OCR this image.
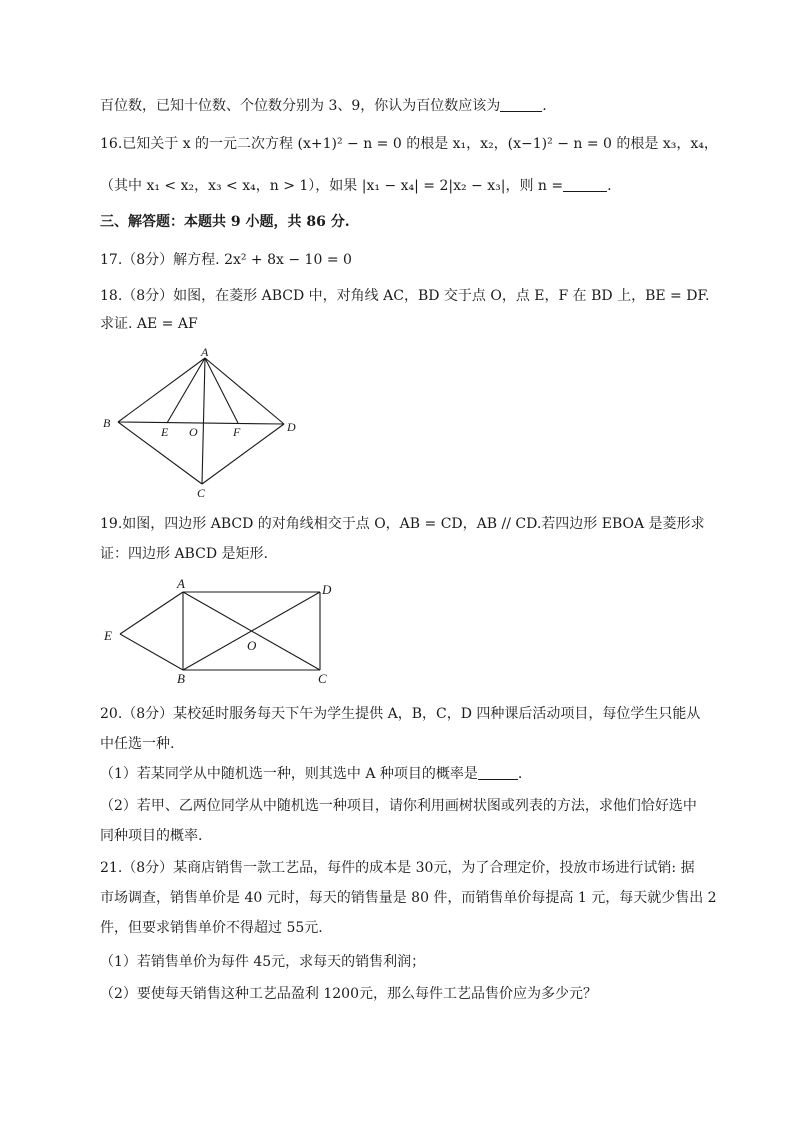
百位数，已知十位数、个位数分别为 3、9，你认为百位数应该为	.
16.已知关于 x 的一元二次方程 (x+1)² − n = 0 的根是 x₁，x₂，(x−1)² − n = 0 的根是 x₃，x₄，
（其中 x₁ < x₂，x₃ < x₄，n > 1），如果 |x₁ − x₄| = 2|x₂ − x₃|，则 n =	.
三、解答题：本题共 9 小题，共 86 分.
17.（8分）解方程. 2x² + 8x − 10 = 0
18.（8分）如图，在菱形 ABCD 中，对角线 AC，BD 交于点 O，点 E，F 在 BD 上，BE = DF.
求证. AE = AF
A
B
E O	F	D
C
19.如图，四边形 ABCD 的对角线相交于点 O，AB = CD，AB // CD.若四边形 EBOA 是菱形求
证：四边形 ABCD 是矩形.
A	D
E
O
B	C
20.（8分）某校延时服务每天下午为学生提供 A，B，C，D 四种课后活动项目，每位学生只能从
中任选一种.
（1）若某同学从中随机选一种，则其选中 A 种项目的概率是	.
（2）若甲、乙两位同学从中随机选一种项目，请你利用画树状图或列表的方法，求他们恰好选中
同种项目的概率.
21.（8分）某商店销售一款工艺品，每件的成本是 30元，为了合理定价，投放市场进行试销: 据
市场调查，销售单价是 40 元时，每天的销售量是 80 件，而销售单价每提高 1 元，每天就少售出 2
件，但要求销售单价不得超过 55元.
（1）若销售单价为每件 45元，求每天的销售利润；
（2）要使每天销售这种工艺品盈利 1200元，那么每件工艺品售价应为多少元？
